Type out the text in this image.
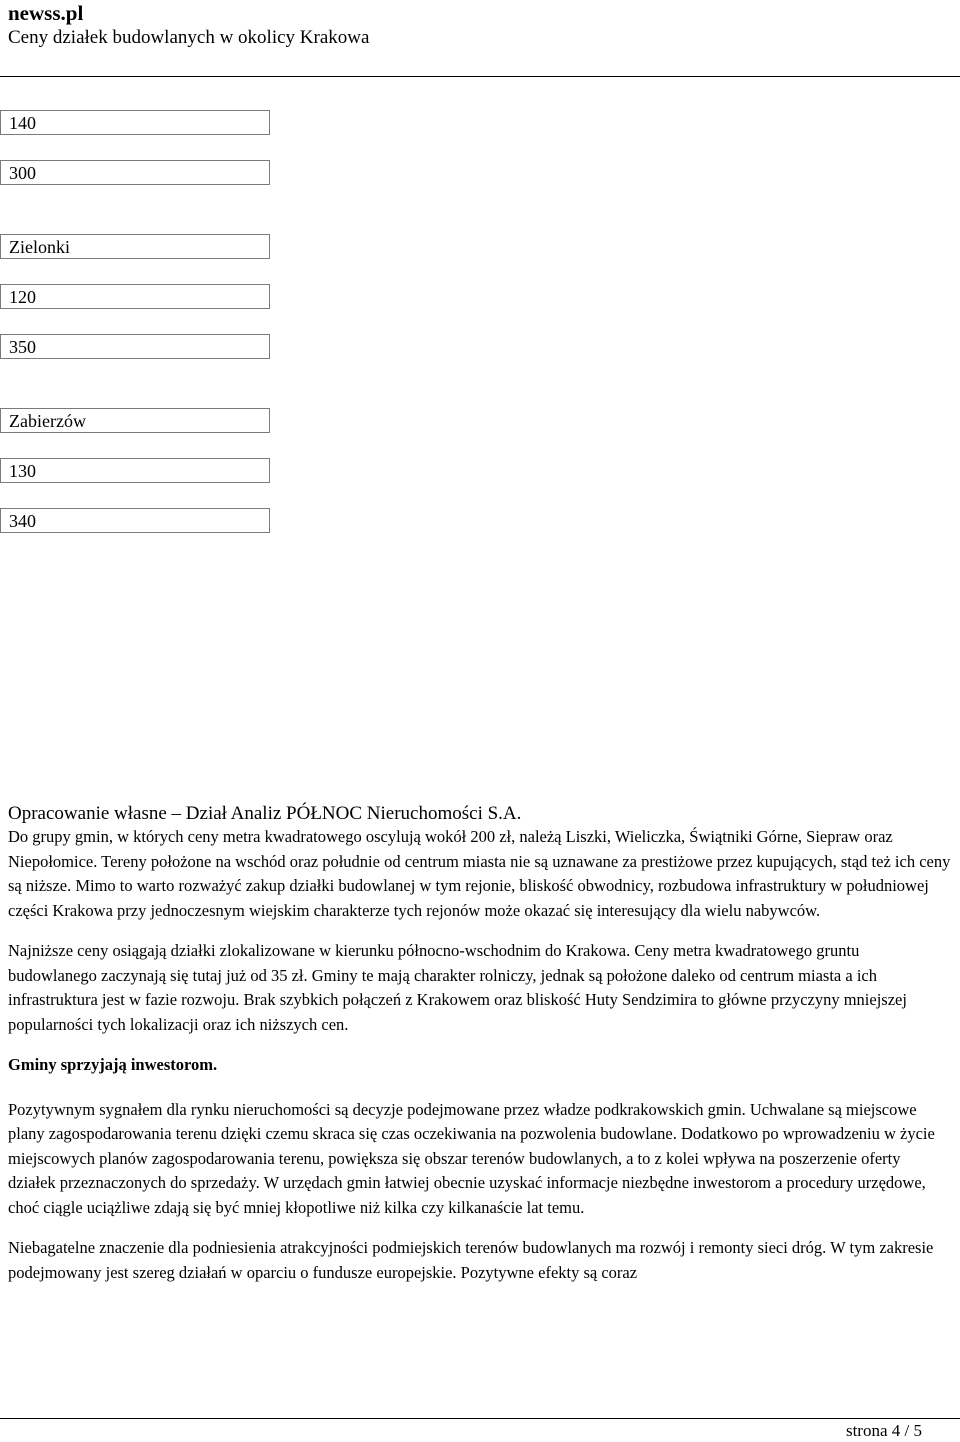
newss.pl

Ceny działek budowlanych w okolicy Krakowa

140
300
Zielonki
120
350
Zabierzów
130
340

Opracowanie własne – Dział Analiz PÓŁNOC Nieruchomości S.A.

Do grupy gmin, w których ceny metra kwadratowego oscylują wokół 200 zł, należą Liszki, Wieliczka, Świątniki Górne, Siepraw oraz Niepołomice. Tereny położone na wschód oraz południe od centrum miasta nie są uznawane za prestiżowe przez kupujących, stąd też ich ceny są niższe. Mimo to warto rozważyć zakup działki budowlanej w tym rejonie, bliskość obwodnicy, rozbudowa infrastruktury w południowej części Krakowa przy jednoczesnym wiejskim charakterze tych rejonów może okazać się interesujący dla wielu nabywców.

Najniższe ceny osiągają działki zlokalizowane w kierunku północno-wschodnim do Krakowa. Ceny metra kwadratowego gruntu budowlanego zaczynają się tutaj już od 35 zł. Gminy te mają charakter rolniczy, jednak są położone daleko od centrum miasta a ich infrastruktura jest w fazie rozwoju. Brak szybkich połączeń z Krakowem oraz bliskość Huty Sendzimira to główne przyczyny mniejszej popularności tych lokalizacji oraz ich niższych cen.

Gminy sprzyjają inwestorom.

Pozytywnym sygnałem dla rynku nieruchomości są decyzje podejmowane przez władze podkrakowskich gmin. Uchwalane są miejscowe plany zagospodarowania terenu dzięki czemu skraca się czas oczekiwania na pozwolenia budowlane. Dodatkowo po wprowadzeniu w życie miejscowych planów zagospodarowania terenu, powiększa się obszar terenów budowlanych, a to z kolei wpływa na poszerzenie oferty działek przeznaczonych do sprzedaży. W urzędach gmin łatwiej obecnie uzyskać informacje niezbędne inwestorom a procedury urzędowe, choć ciągle uciążliwe zdają się być mniej kłopotliwe niż kilka czy kilkanaście lat temu.

Niebagatelne znaczenie dla podniesienia atrakcyjności podmiejskich terenów budowlanych ma rozwój i remonty sieci dróg. W tym zakresie podejmowany jest szereg działań w oparciu o fundusze europejskie. Pozytywne efekty są coraz

strona 4 / 5
